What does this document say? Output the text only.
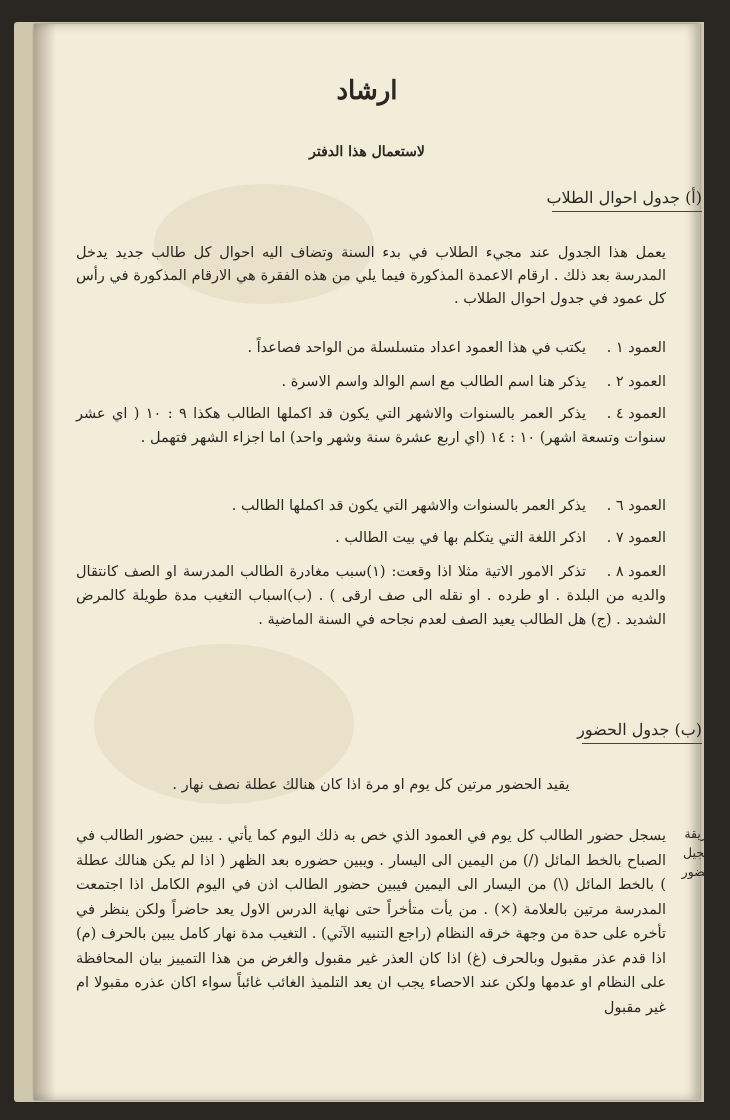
ارشاد
لاستعمال هذا الدفتر
(أ) جدول احوال الطلاب
يعمل هذا الجدول عند مجيء الطلاب في بدء السنة وتضاف اليه احوال كل طالب جديد يدخل المدرسة بعد ذلك . ارقام الاعمدة المذكورة فيما يلي من هذه الفقرة هي الارقام المذكورة في رأس كل عمود في جدول احوال الطلاب .
العمود ١ .
يكتب في هذا العمود اعداد متسلسلة من الواحد فصاعداً .
العمود ٢ .
يذكر هنا اسم الطالب مع اسم الوالد واسم الاسرة .
العمود ٤ .
يذكر العمر بالسنوات والاشهر التي يكون قد اكملها الطالب هكذا ٩ : ١٠ ( اي عشر سنوات وتسعة اشهر) ١٠ : ١٤ (اي اربع عشرة سنة وشهر واحد) اما اجزاء الشهر فتهمل .
العمود ٦ .
يذكر العمر بالسنوات والاشهر التي يكون قد اكملها الطالب .
العمود ٧ .
اذكر اللغة التي يتكلم بها في بيت الطالب .
العمود ٨ .
تذكر الامور الاتية مثلا اذا وقعت: (١)سبب مغادرة الطالب المدرسة او الصف كانتقال والديه من البلدة . او طرده . او نقله الى صف ارقى ) . (ب)اسباب التغيب مدة طويلة كالمرض الشديد . (ج) هل الطالب يعيد الصف لعدم نجاحه في السنة الماضية .
(ب) جدول الحضور
يقيد الحضور مرتين كل يوم او مرة اذا كان هنالك عطلة نصف نهار .
طريقة تسجيل الحضور
يسجل حضور الطالب كل يوم في العمود الذي خص به ذلك اليوم كما يأتي . يبين حضور الطالب في الصباح بالخط المائل (/) من اليمين الى اليسار . ويبين حضوره بعد الظهر ( اذا لم يكن هنالك عطلة ) بالخط المائل (\) من اليسار الى اليمين فيبين حضور الطالب اذن في اليوم الكامل اذا اجتمعت المدرسة مرتين بالعلامة (×) . من يأت متأخراً حتى نهاية الدرس الاول يعد حاضراً ولكن ينظر في تأخره على حدة من وجهة خرقه النظام (راجع التنبيه الآتي) . التغيب مدة نهار كامل يبين بالحرف (م) اذا قدم عذر مقبول وبالحرف (غ) اذا كان العذر غير مقبول والغرض من هذا التمييز بيان المحافظة على النظام او عدمها ولكن عند الاحصاء يجب ان يعد التلميذ الغائب غائباً سواء اكان عذره مقبولا ام غير مقبول
